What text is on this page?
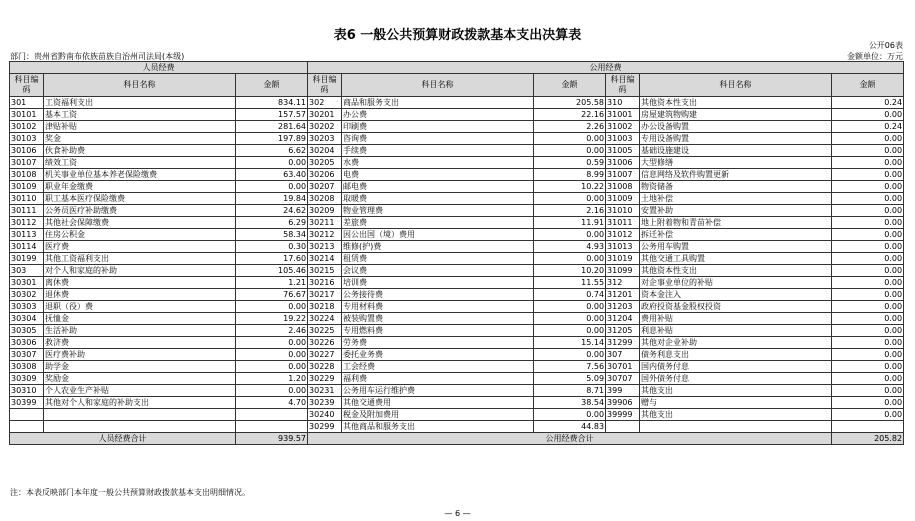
表6 一般公共预算财政拨款基本支出决算表
公开06表
部门：贵州省黔南布依族苗族自治州司法局(本级)	金额单位：万元
人员经费			公用经费					
科目编码	科目名称	金额	科目编码	科目名称	金额	科目编码	科目名称	金额
301	工资福利支出	834.11	302	商品和服务支出	205.58	310	其他资本性支出	0.24
30101	基本工资	157.57	30201	办公费	22.16	31001	房屋建筑物购建	0.00
30102	津贴补贴	281.64	30202	印刷费	2.26	31002	办公设备购置	0.24
30103	奖金	197.89	30203	咨询费	0.00	31003	专用设备购置	0.00
30106	伙食补助费	6.62	30204	手续费	0.00	31005	基础设施建设	0.00
30107	绩效工资	0.00	30205	水费	0.59	31006	大型修缮	0.00
30108	机关事业单位基本养老保险缴费	63.40	30206	电费	8.99	31007	信息网络及软件购置更新	0.00
30109	职业年金缴费	0.00	30207	邮电费	10.22	31008	物资储备	0.00
30110	职工基本医疗保险缴费	19.84	30208	取暖费	0.00	31009	土地补偿	0.00
30111	公务员医疗补助缴费	24.62	30209	物业管理费	2.16	31010	安置补助	0.00
30112	其他社会保障缴费	6.29	30211	差旅费	11.91	31011	地上附着物和青苗补偿	0.00
30113	住房公积金	58.34	30212	因公出国（境）费用	0.00	31012	拆迁补偿	0.00
30114	医疗费	0.30	30213	维修(护)费	4.93	31013	公务用车购置	0.00
30199	其他工资福利支出	17.60	30214	租赁费	0.00	31019	其他交通工具购置	0.00
303	对个人和家庭的补助	105.46	30215	会议费	10.20	31099	其他资本性支出	0.00
30301	离休费	1.21	30216	培训费	11.55	312	对企事业单位的补贴	0.00
30302	退休费	76.67	30217	公务接待费	0.74	31201	资本金注入	0.00
30303	退职（役）费	0.00	30218	专用材料费	0.00	31203	政府投资基金股权投资	0.00
30304	抚恤金	19.22	30224	被装购置费	0.00	31204	费用补贴	0.00
30305	生活补助	2.46	30225	专用燃料费	0.00	31205	利息补贴	0.00
30306	救济费	0.00	30226	劳务费	15.14	31299	其他对企业补助	0.00
30307	医疗费补助	0.00	30227	委托业务费	0.00	307	债务利息支出	0.00
30308	助学金	0.00	30228	工会经费	7.56	30701	国内债务付息	0.00
30309	奖励金	1.20	30229	福利费	5.09	30707	国外债务付息	0.00
30310	个人农业生产补贴	0.00	30231	公务用车运行维护费	8.71	399	其他支出	0.00
30399	其他对个人和家庭的补助支出	4.70	30239	其他交通费用	38.54	39906	赠与	0.00
			30240	税金及附加费用	0.00	39999	其他支出	0.00
			30299	其他商品和服务支出	44.83			
人员经费合计		939.57	公用经费合计					205.82
注：本表反映部门本年度一般公共预算财政拨款基本支出明细情况。
— 6 —
